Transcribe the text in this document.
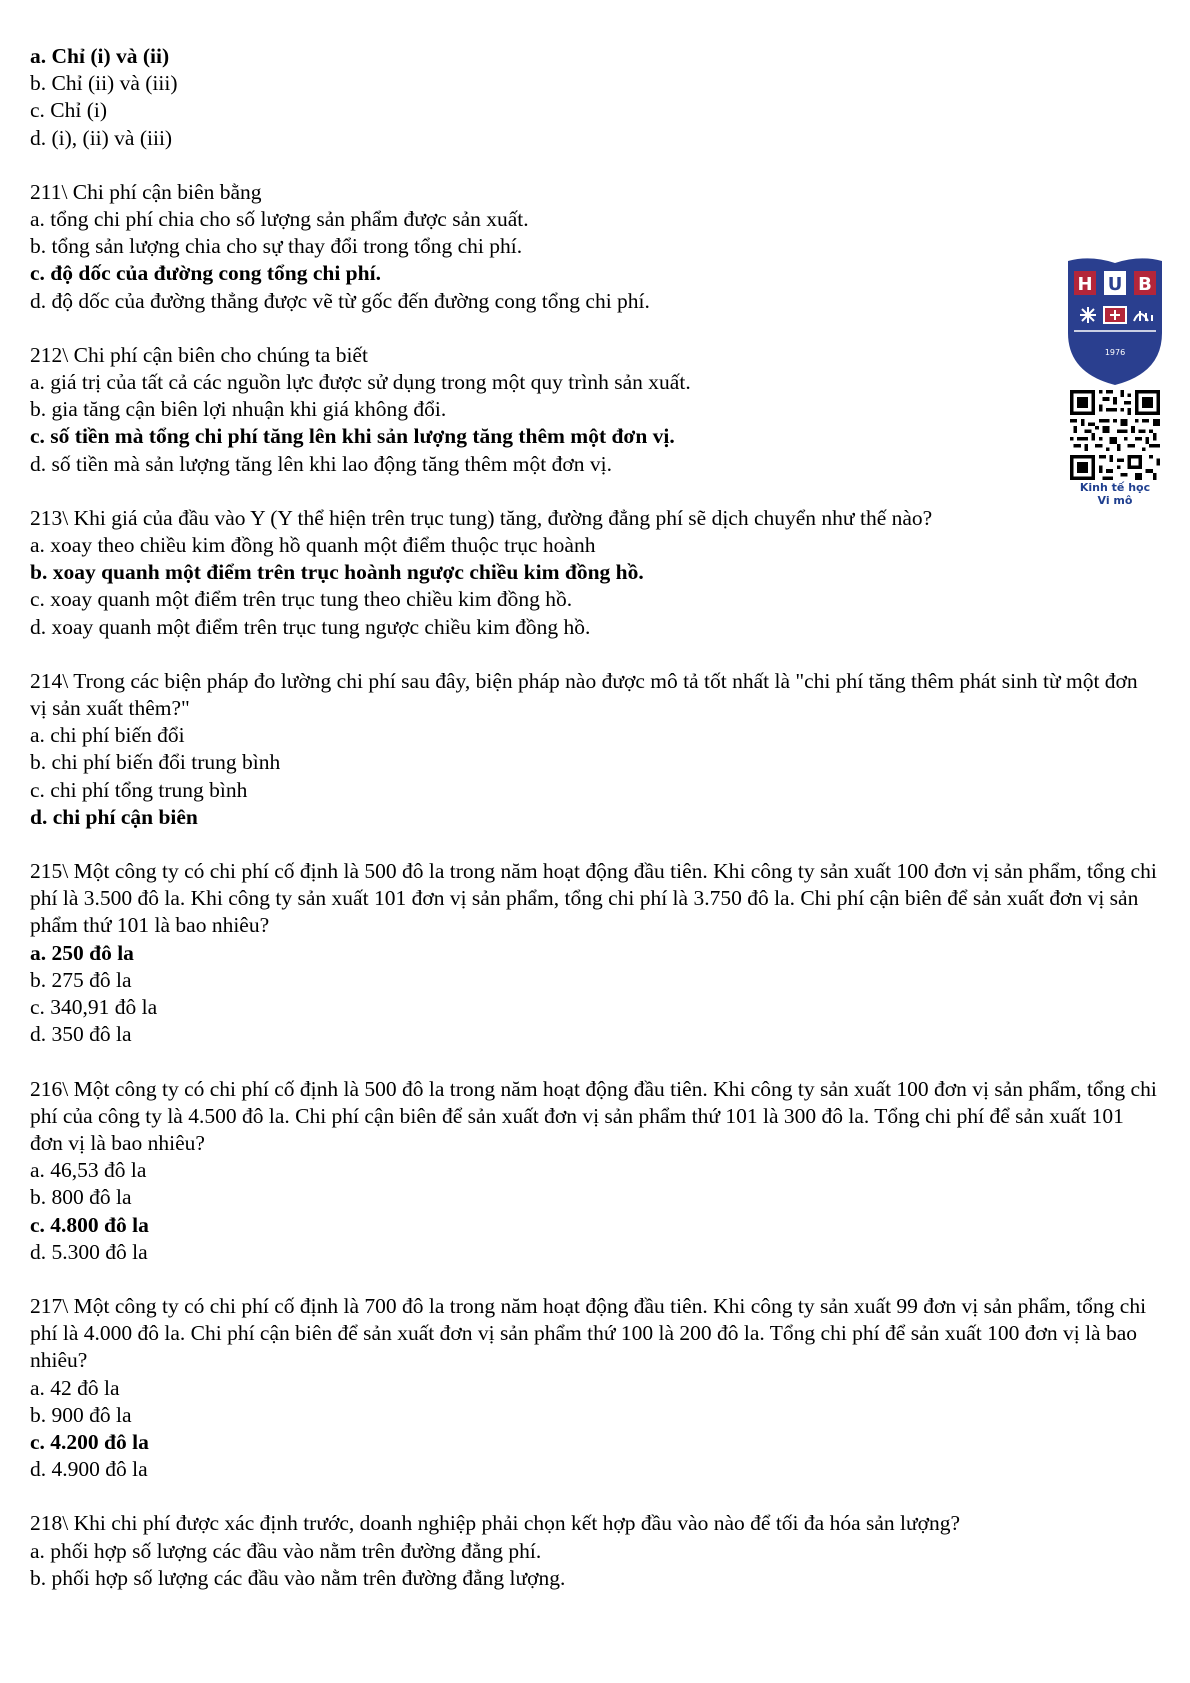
a. Chỉ (i) và (ii)
b. Chỉ (ii) và (iii)
c. Chỉ (i)
d. (i), (ii) và (iii)
211\ Chi phí cận biên bằng
a. tổng chi phí chia cho số lượng sản phẩm được sản xuất.
b. tổng sản lượng chia cho sự thay đổi trong tổng chi phí.
c. độ dốc của đường cong tổng chi phí.
d. độ dốc của đường thẳng được vẽ từ gốc đến đường cong tổng chi phí.
212\ Chi phí cận biên cho chúng ta biết
a. giá trị của tất cả các nguồn lực được sử dụng trong một quy trình sản xuất.
b. gia tăng cận biên lợi nhuận khi giá không đổi.
c. số tiền mà tổng chi phí tăng lên khi sản lượng tăng thêm một đơn vị.
d. số tiền mà sản lượng tăng lên khi lao động tăng thêm một đơn vị.
213\ Khi giá của đầu vào Y (Y thể hiện trên trục tung) tăng, đường đẳng phí sẽ dịch chuyển như thế nào?
a. xoay theo chiều kim đồng hồ quanh một điểm thuộc trục hoành
b. xoay quanh một điểm trên trục hoành ngược chiều kim đồng hồ.
c. xoay quanh một điểm trên trục tung theo chiều kim đồng hồ.
d. xoay quanh một điểm trên trục tung ngược chiều kim đồng hồ.
214\ Trong các biện pháp đo lường chi phí sau đây, biện pháp nào được mô tả tốt nhất là "chi phí tăng thêm phát sinh từ một đơn vị sản xuất thêm?"
a. chi phí biến đổi
b. chi phí biến đổi trung bình
c. chi phí tổng trung bình
d. chi phí cận biên
215\ Một công ty có chi phí cố định là 500 đô la trong năm hoạt động đầu tiên. Khi công ty sản xuất 100 đơn vị sản phẩm, tổng chi phí là 3.500 đô la. Khi công ty sản xuất 101 đơn vị sản phẩm, tổng chi phí là 3.750 đô la. Chi phí cận biên để sản xuất đơn vị sản phẩm thứ 101 là bao nhiêu?
a. 250 đô la
b. 275 đô la
c. 340,91 đô la
d. 350 đô la
216\ Một công ty có chi phí cố định là 500 đô la trong năm hoạt động đầu tiên. Khi công ty sản xuất 100 đơn vị sản phẩm, tổng chi phí của công ty là 4.500 đô la. Chi phí cận biên để sản xuất đơn vị sản phẩm thứ 101 là 300 đô la. Tổng chi phí để sản xuất 101 đơn vị là bao nhiêu?
a. 46,53 đô la
b. 800 đô la
c. 4.800 đô la
d. 5.300 đô la
217\ Một công ty có chi phí cố định là 700 đô la trong năm hoạt động đầu tiên. Khi công ty sản xuất 99 đơn vị sản phẩm, tổng chi phí là 4.000 đô la. Chi phí cận biên để sản xuất đơn vị sản phẩm thứ 100 là 200 đô la. Tổng chi phí để sản xuất 100 đơn vị là bao nhiêu?
a. 42 đô la
b. 900 đô la
c. 4.200 đô la
d. 4.900 đô la
218\ Khi chi phí được xác định trước, doanh nghiệp phải chọn kết hợp đầu vào nào để tối đa hóa sản lượng?
a. phối hợp số lượng các đầu vào nằm trên đường đẳng phí.
b. phối hợp số lượng các đầu vào nằm trên đường đẳng lượng.
H U B
1976
Kinh tế học
Vi mô
